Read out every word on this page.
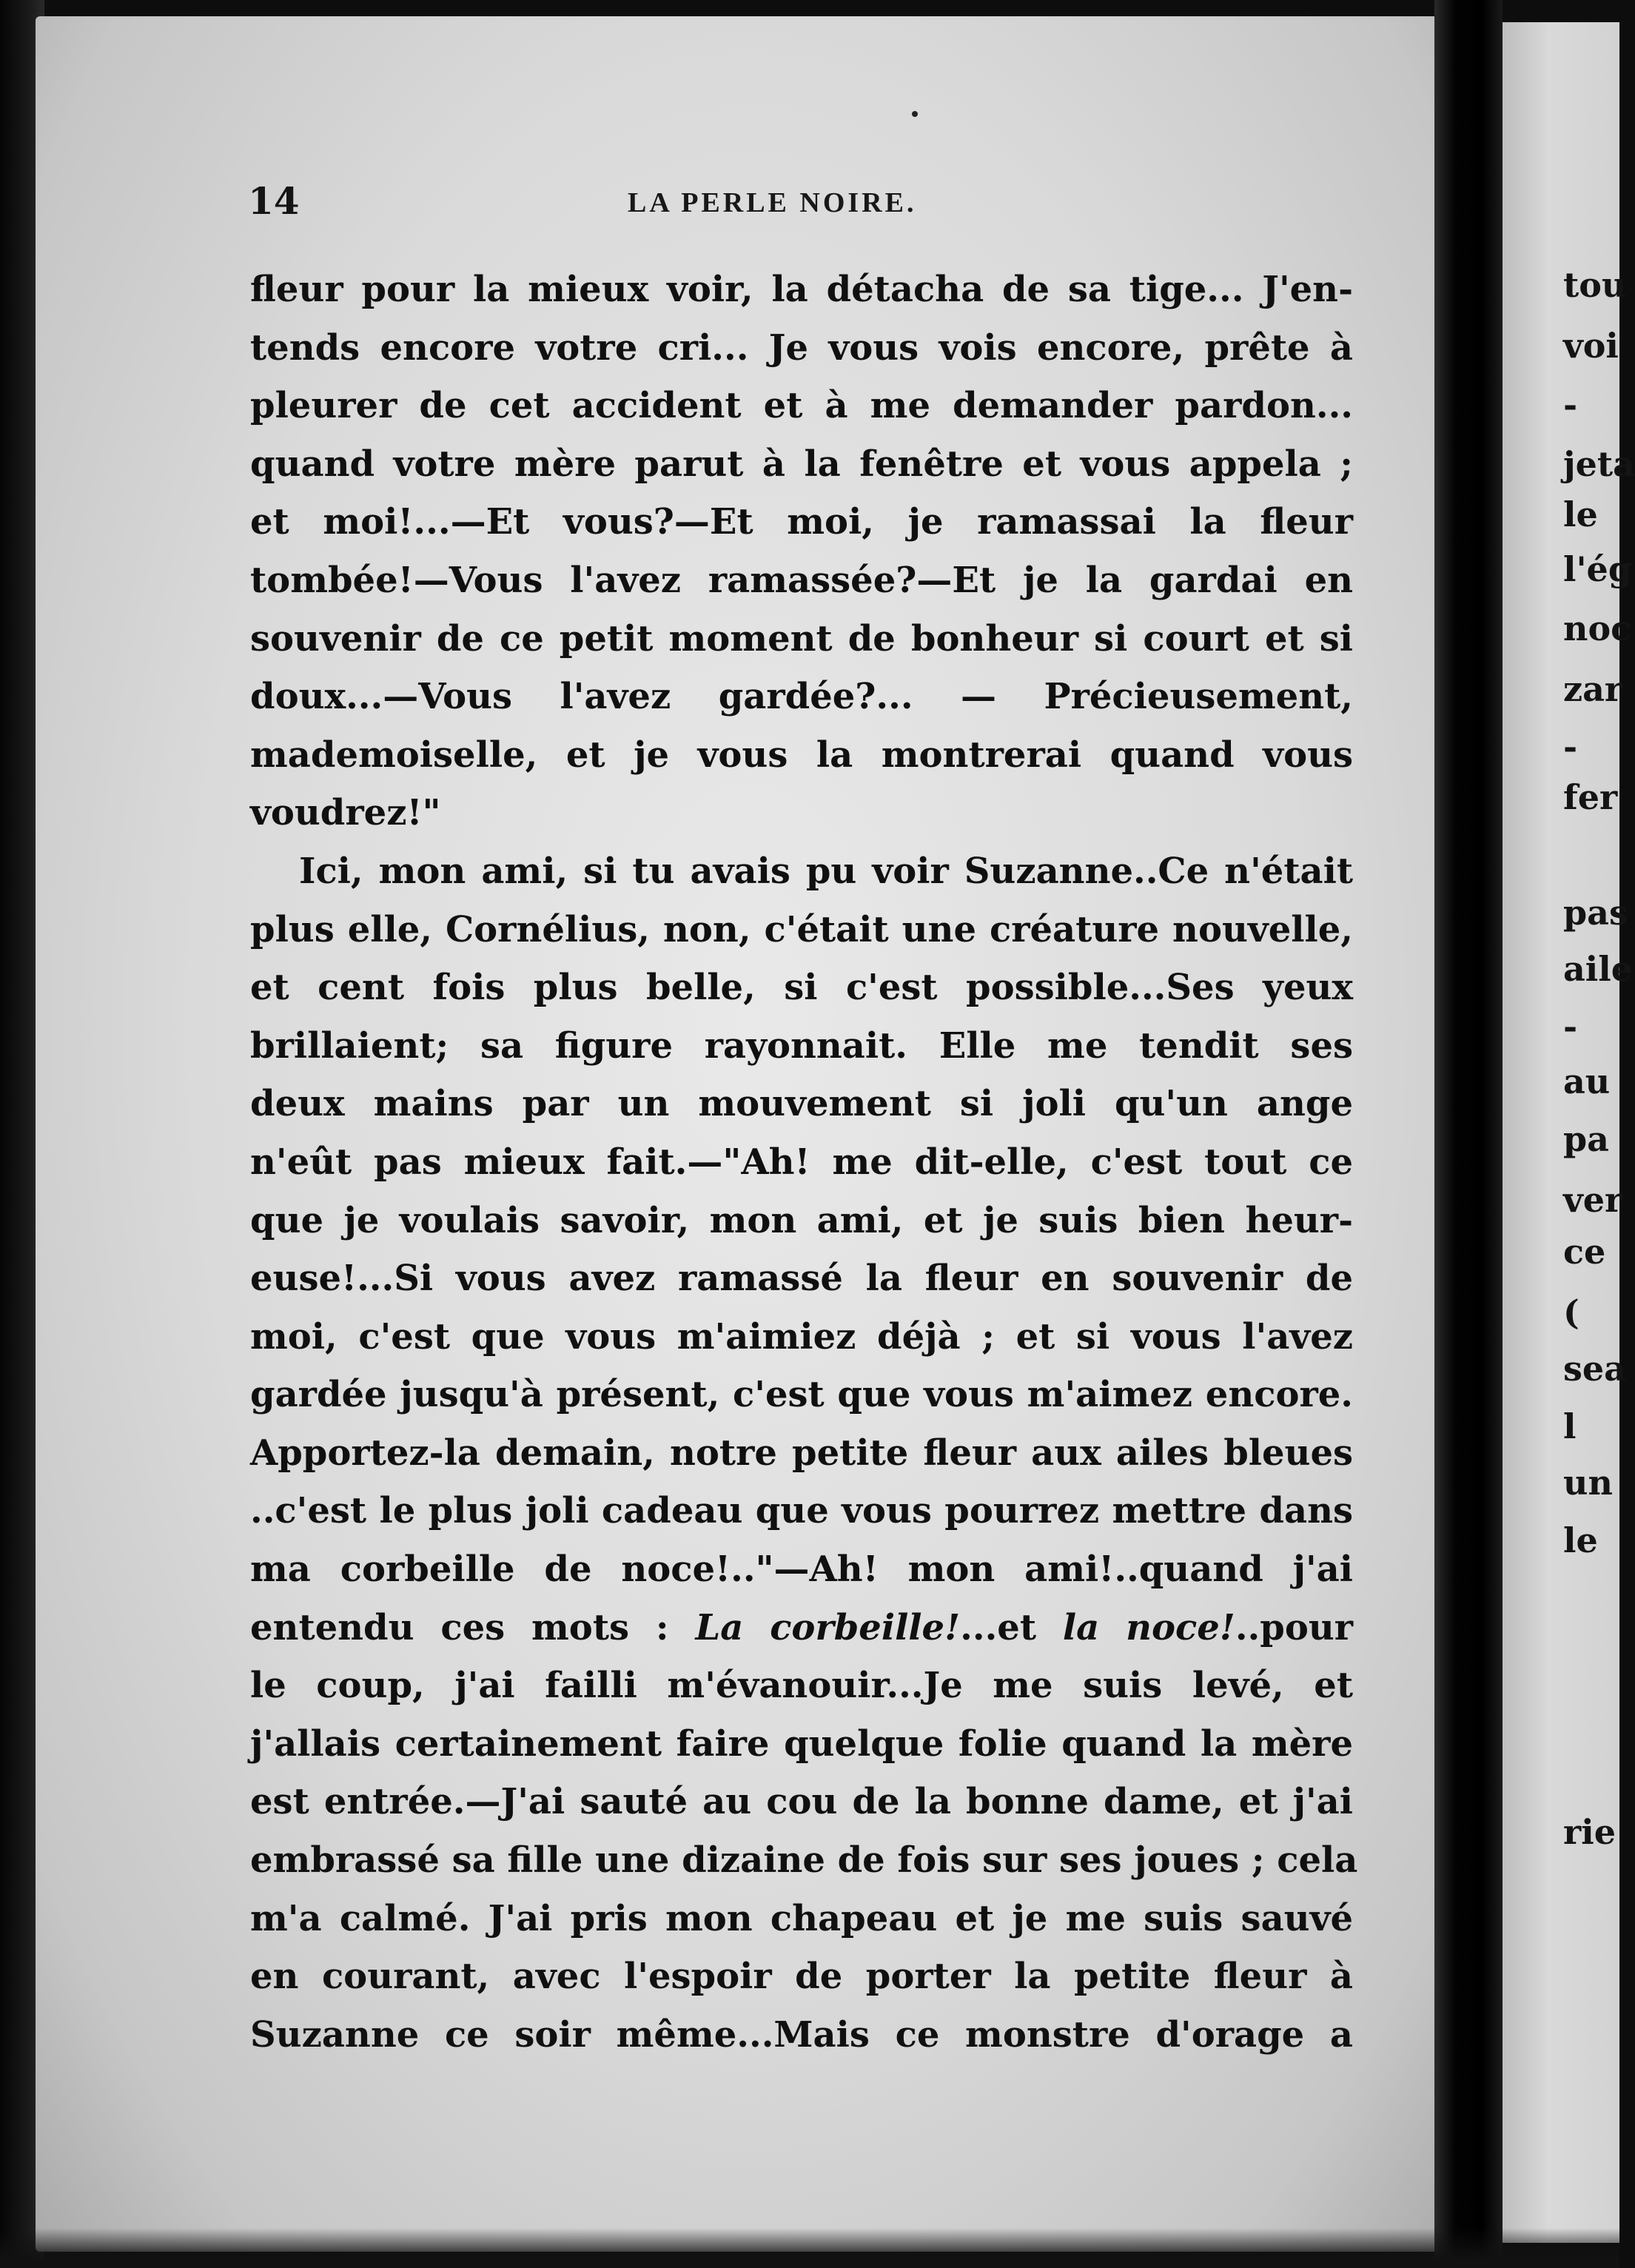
14	LA PERLE NOIRE.
fleur pour la mieux voir, la détacha de sa tige... J'en-
tends encore votre cri... Je vous vois encore, prête à
pleurer de cet accident et à me demander pardon...
quand votre mère parut à la fenêtre et vous appela ;
et moi!...—Et vous?—Et moi, je ramassai la fleur
tombée!—Vous l'avez ramassée?—Et je la gardai en
souvenir de ce petit moment de bonheur si court et si
doux...—Vous l'avez gardée?... — Précieusement,
mademoiselle, et je vous la montrerai quand vous
voudrez!"
Ici, mon ami, si tu avais pu voir Suzanne..Ce n'était
plus elle, Cornélius, non, c'était une créature nouvelle,
et cent fois plus belle, si c'est possible...Ses yeux
brillaient; sa figure rayonnait. Elle me tendit ses
deux mains par un mouvement si joli qu'un ange
n'eût pas mieux fait.—"Ah! me dit-elle, c'est tout ce
que je voulais savoir, mon ami, et je suis bien heur-
euse!...Si vous avez ramassé la fleur en souvenir de
moi, c'est que vous m'aimiez déjà ; et si vous l'avez
gardée jusqu'à présent, c'est que vous m'aimez encore.
Apportez-la demain, notre petite fleur aux ailes bleues
..c'est le plus joli cadeau que vous pourrez mettre dans
ma corbeille de noce!.."—Ah! mon ami!..quand j'ai
entendu ces mots : La corbeille!...et la noce!..pour
le coup, j'ai failli m'évanouir...Je me suis levé, et
j'allais certainement faire quelque folie quand la mère
est entrée.—J'ai sauté au cou de la bonne dame, et j'ai
embrassé sa fille une dizaine de fois sur ses joues ; cela
m'a calmé. J'ai pris mon chapeau et je me suis sauvé
en courant, avec l'espoir de porter la petite fleur à
Suzanne ce soir même...Mais ce monstre d'orage a
tou
voi
-
jeta
le
l'ég
noc
zar
-
fer
pas
aile
-
au
pa
ver
ce
(
sea
l
un
le
rie
